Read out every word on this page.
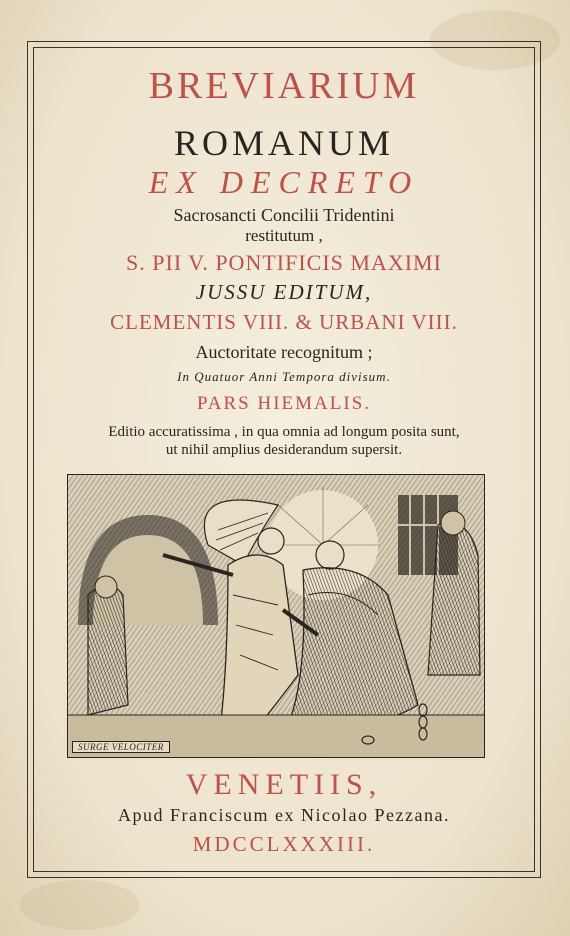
BREVIARIUM
ROMANUM
EX DECRETO
Sacrosancti Concilii Tridentini
restitutum ,
S. PII V. PONTIFICIS MAXIMI
JUSSU EDITUM,
CLEMENTIS VIII. & URBANI VIII.
Auctoritate recognitum ;
In Quatuor Anni Tempora divisum.
PARS HIEMALIS.
Editio accuratissima , in qua omnia ad longum posita sunt,
ut nihil amplius desiderandum supersit.
SURGE VELOCITER
VENETIIS,
Apud Franciscum ex Nicolao Pezzana.
MDCCLXXXIII.
